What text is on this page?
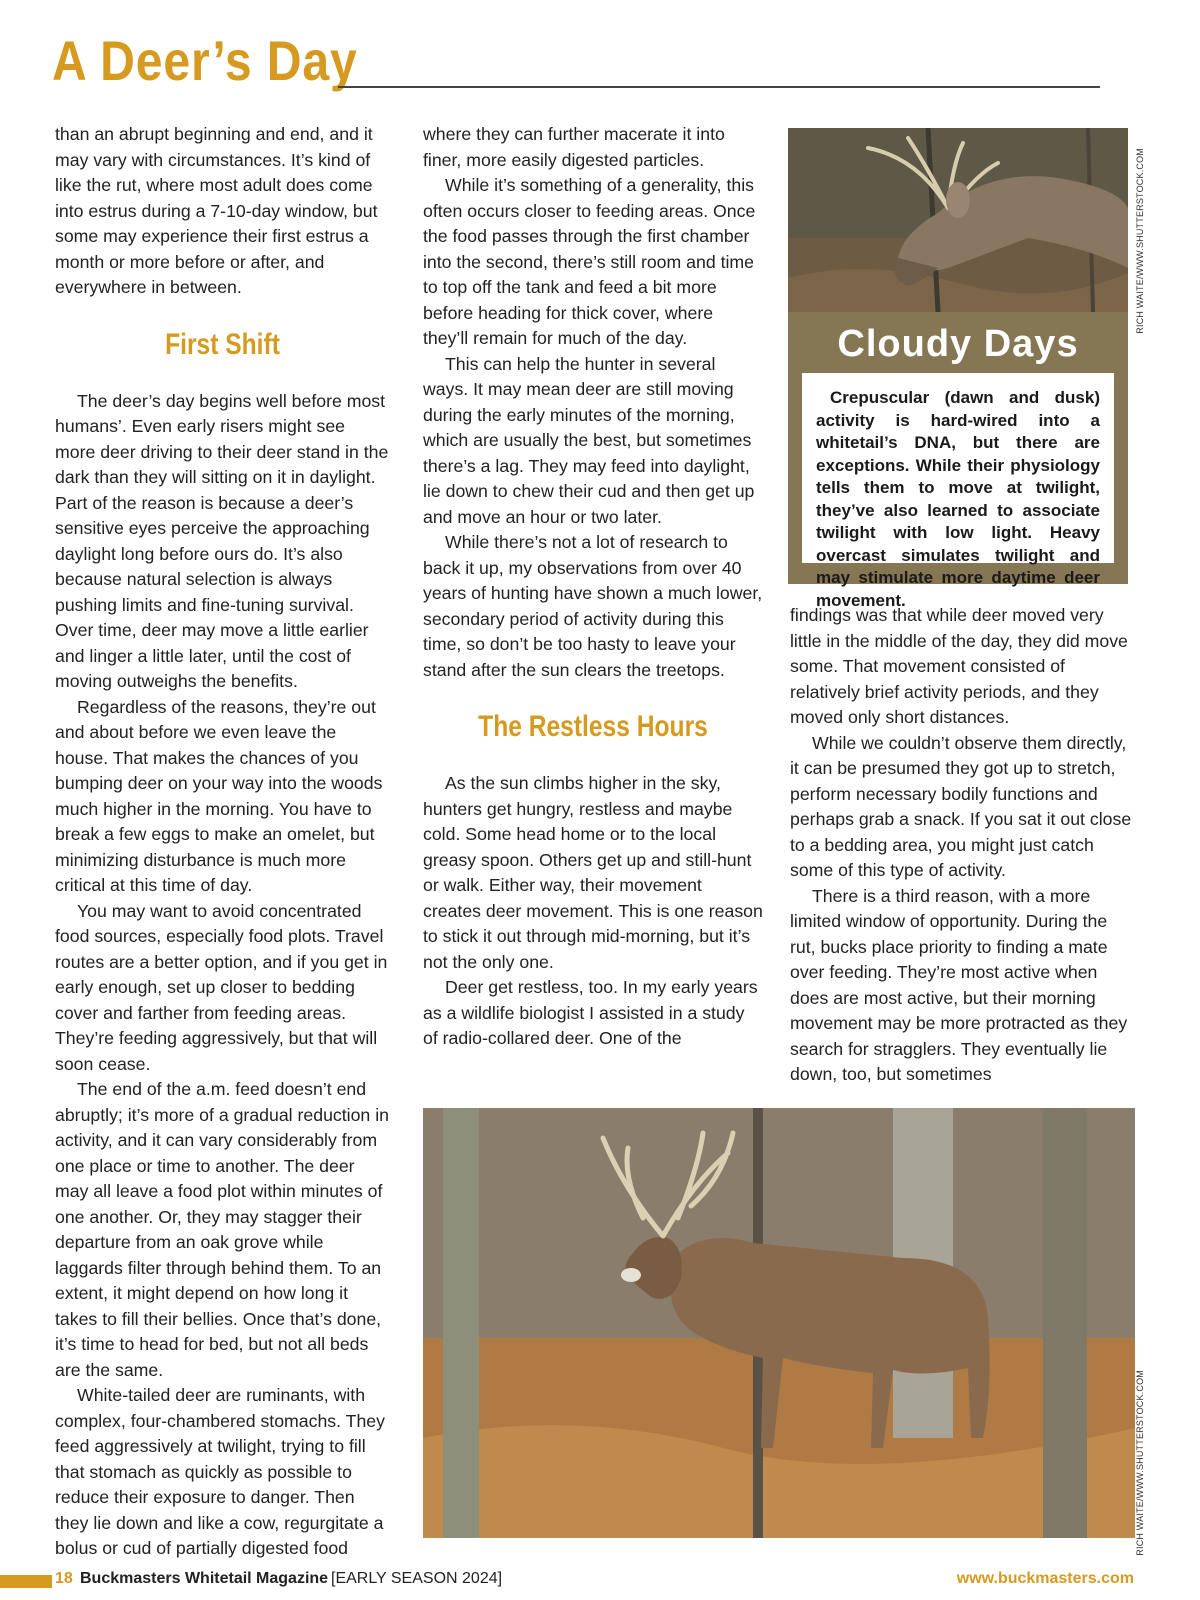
A Deer’s Day

than an abrupt beginning and end, and it may vary with circumstances. It’s kind of like the rut, where most adult does come into estrus during a 7-10-day window, but some may experience their first estrus a month or more before or after, and everywhere in between.

First Shift

The deer’s day begins well before most humans’. Even early risers might see more deer driving to their deer stand in the dark than they will sitting on it in daylight. Part of the reason is because a deer’s sensitive eyes perceive the approaching daylight long before ours do. It’s also because natural selection is always pushing limits and fine-tuning survival. Over time, deer may move a little earlier and linger a little later, until the cost of moving outweighs the benefits.

Regardless of the reasons, they’re out and about before we even leave the house. That makes the chances of you bumping deer on your way into the woods much higher in the morning. You have to break a few eggs to make an omelet, but minimizing disturbance is much more critical at this time of day.

You may want to avoid concentrated food sources, especially food plots. Travel routes are a better option, and if you get in early enough, set up closer to bedding cover and farther from feeding areas. They’re feeding aggressively, but that will soon cease.

The end of the a.m. feed doesn’t end abruptly; it’s more of a gradual reduction in activity, and it can vary considerably from one place or time to another. The deer may all leave a food plot within minutes of one another. Or, they may stagger their departure from an oak grove while laggards filter through behind them. To an extent, it might depend on how long it takes to fill their bellies. Once that’s done, it’s time to head for bed, but not all beds are the same.

White-tailed deer are ruminants, with complex, four-chambered stomachs. They feed aggressively at twilight, trying to fill that stomach as quickly as possible to reduce their exposure to danger. Then they lie down and like a cow, regurgitate a bolus or cud of partially digested food

where they can further macerate it into finer, more easily digested particles.

While it’s something of a generality, this often occurs closer to feeding areas. Once the food passes through the first chamber into the second, there’s still room and time to top off the tank and feed a bit more before heading for thick cover, where they’ll remain for much of the day.

This can help the hunter in several ways. It may mean deer are still moving during the early minutes of the morning, which are usually the best, but sometimes there’s a lag. They may feed into daylight, lie down to chew their cud and then get up and move an hour or two later.

While there’s not a lot of research to back it up, my observations from over 40 years of hunting have shown a much lower, secondary period of activity during this time, so don’t be too hasty to leave your stand after the sun clears the treetops.

The Restless Hours

As the sun climbs higher in the sky, hunters get hungry, restless and maybe cold. Some head home or to the local greasy spoon. Others get up and still-hunt or walk. Either way, their movement creates deer movement. This is one reason to stick it out through mid-morning, but it’s not the only one.

Deer get restless, too. In my early years as a wildlife biologist I assisted in a study of radio-collared deer. One of the

Cloudy Days
Crepuscular (dawn and dusk) activity is hard-wired into a whitetail’s DNA, but there are exceptions. While their physiology tells them to move at twilight, they’ve also learned to associate twilight with low light. Heavy overcast simulates twilight and may stimulate more daytime deer movement.
RICH WAITE/WWW.SHUTTERSTOCK.COM

findings was that while deer moved very little in the middle of the day, they did move some. That movement consisted of relatively brief activity periods, and they moved only short distances.

While we couldn’t observe them directly, it can be presumed they got up to stretch, perform necessary bodily functions and perhaps grab a snack. If you sat it out close to a bedding area, you might just catch some of this type of activity.

There is a third reason, with a more limited window of opportunity. During the rut, bucks place priority to finding a mate over feeding. They’re most active when does are most active, but their morning movement may be more protracted as they search for stragglers. They eventually lie down, too, but sometimes

RICH WAITE/WWW.SHUTTERSTOCK.COM
18 Buckmasters Whitetail Magazine [EARLY SEASON 2024]	www.buckmasters.com
